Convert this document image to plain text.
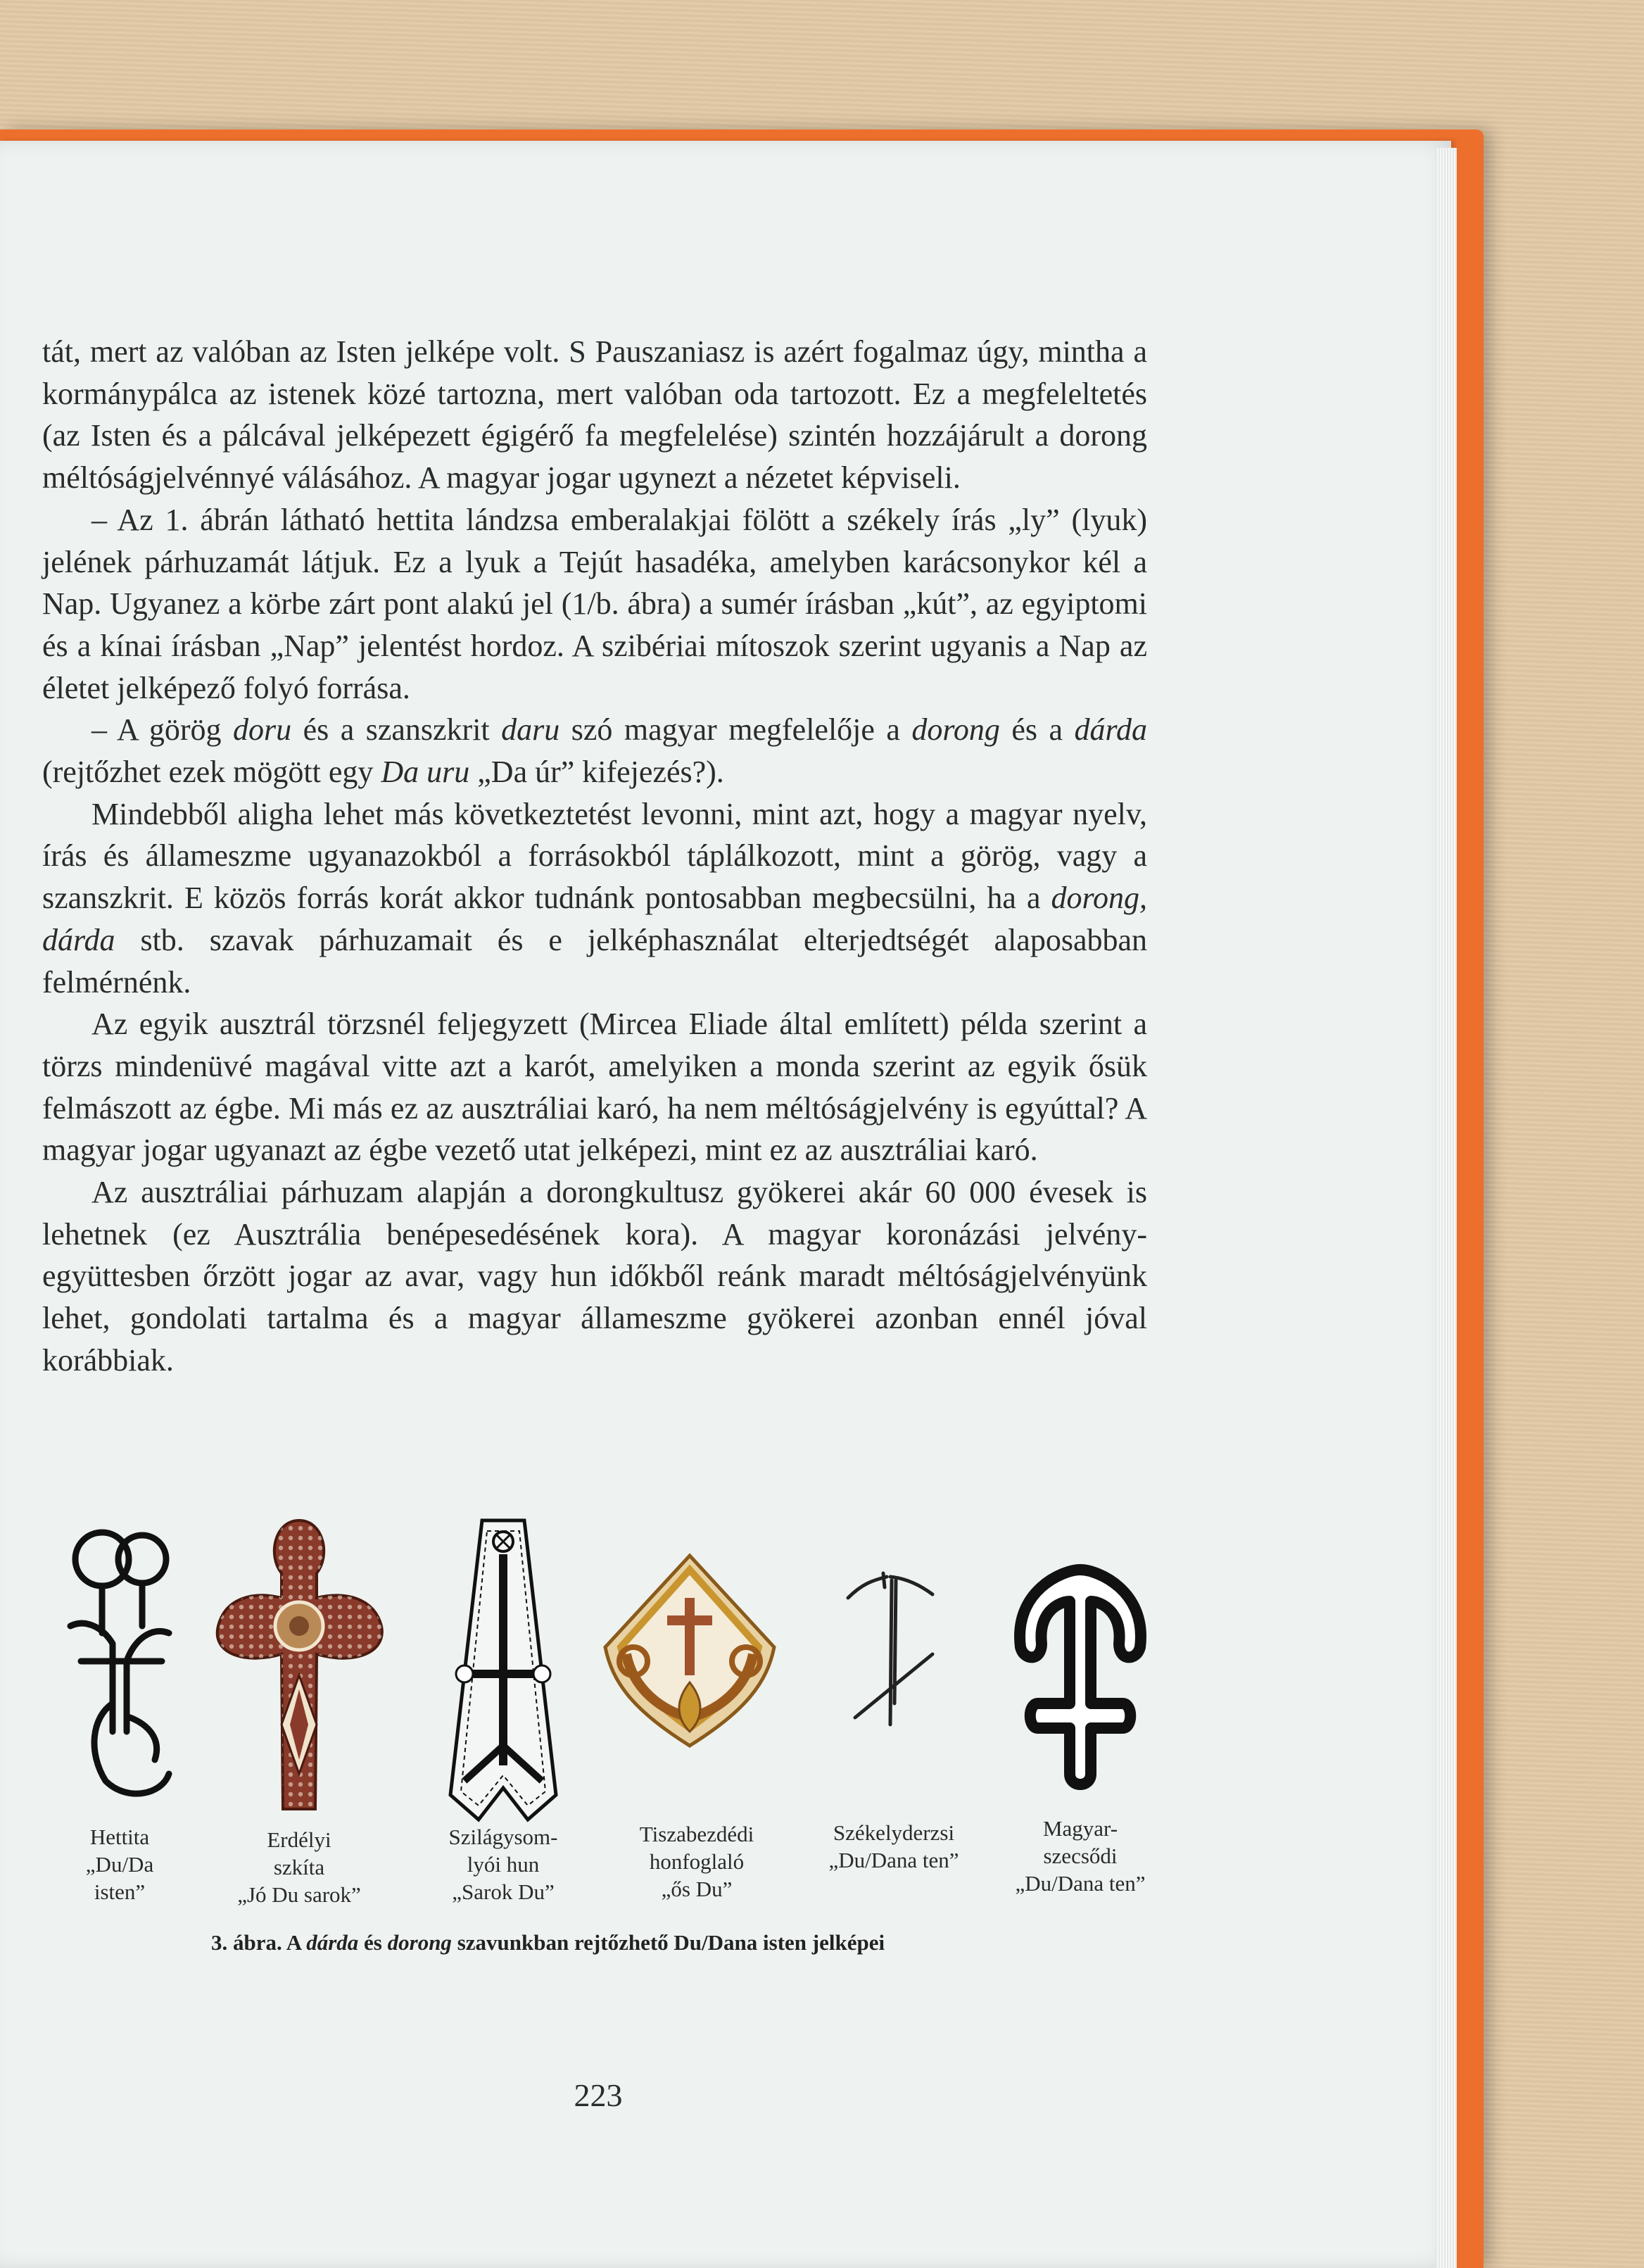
tát, mert az valóban az Isten jelképe volt. S Pauszaniasz is azért fogalmaz úgy, mintha a kormánypálca az istenek közé tartozna, mert valóban oda tartozott. Ez a megfeleltetés (az Isten és a pálcával jelképezett égigérő fa megfelelése) szintén hozzájárult a dorong méltóságjelvénnyé válásához. A magyar jogar ugynezt a nézetet képviseli.

– Az 1. ábrán látható hettita lándzsa emberalakjai fölött a székely írás „ly” (lyuk) jelének párhuzamát látjuk. Ez a lyuk a Tejút hasadéka, amelyben karácsonykor kél a Nap. Ugyanez a körbe zárt pont alakú jel (1/b. ábra) a sumér írásban „kút”, az egyiptomi és a kínai írásban „Nap” jelentést hordoz. A szibériai mítoszok szerint ugyanis a Nap az életet jelképező folyó forrása.

– A görög doru és a szanszkrit daru szó magyar megfelelője a dorong és a dárda (rejtőzhet ezek mögött egy Da uru „Da úr” kifejezés?).

Mindebből aligha lehet más következtetést levonni, mint azt, hogy a magyar nyelv, írás és állameszme ugyanazokból a forrásokból táplálkozott, mint a görög, vagy a szanszkrit. E közös forrás korát akkor tudnánk pontosabban megbecsülni, ha a dorong, dárda stb. szavak párhuzamait és e jelképhasználat elterjedtségét alaposabban felmérnénk.

Az egyik ausztrál törzsnél feljegyzett (Mircea Eliade által említett) példa szerint a törzs mindenüvé magával vitte azt a karót, amelyiken a monda szerint az egyik ősük felmászott az égbe. Mi más ez az ausztráliai karó, ha nem méltóságjelvény is egyúttal? A magyar jogar ugyanazt az égbe vezető utat jelképezi, mint ez az ausztráliai karó.

Az ausztráliai párhuzam alapján a dorongkultusz gyökerei akár 60 000 évesek is lehetnek (ez Ausztrália benépesedésének kora). A magyar koronázási jelvény-együttesben őrzött jogar az avar, vagy hun időkből reánk maradt méltóságjelvényünk lehet, gondolati tartalma és a magyar állameszme gyökerei azonban ennél jóval korábbiak.

Hettita
„Du/Da
isten”
Erdélyi
szkíta
„Jó Du sarok”
Szilágysom-
lyói hun
„Sarok Du”
Tiszabezdédi
honfoglaló
„ős Du”
Székelyderzsi
„Du/Dana ten”
Magyar-
szecsődi
„Du/Dana ten”
3. ábra. A dárda és dorong szavunkban rejtőzhető Du/Dana isten jelképei
223
